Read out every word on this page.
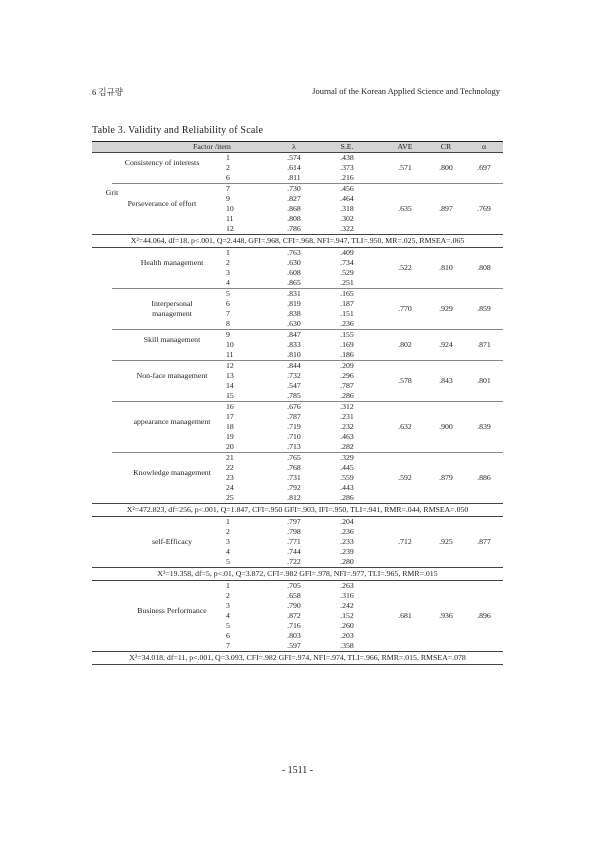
6 김규량	Journal of the Korean Applied Science and Technology
Table 3. Validity and Reliability of Scale
Factor /item	λ	S.E.	AVE	CR	α
Consistency of interests
.571	.800	.697
1	.574	.438
2	.614	.373
6	.811	.216
Perseverance of effort
.635	.897	.769
7	.730	.456
9	.827	.464
10	.868	.318
11	.808	.302
12	.786	.322
Grit
X²=44.064, df=18, p<.001, Q=2.448, GFI=.968, CFI=.968, NFI=.947, TLI=.950, MR=.025, RMSEA=.065
Health management
.522	.810	.808
1	.763	.409
2	.630	.734
3	.608	.529
4	.865	.251
Interpersonal management
.770	.929	.859
5	.831	.165
6	.819	.187
7	.838	.151
8	.630	.236
Skill management
.802	.924	.871
9	.847	.155
10	.833	.169
11	.810	.186
Non-face management
.578	.843	.801
12	.844	.209
13	.732	.296
14	.547	.787
15	.785	.286
appearance management
.632	.900	.839
16	.676	.312
17	.787	.231
18	.719	.232
19	.710	.463
20	.713	.282
Knowledge management
.592	.879	.886
21	.765	.329
22	.768	.445
23	.731	.559
24	.792	.443
25	.812	.286
X²=472.823, df=256, p<.001, Q=1.847, CFI=.950 GFI=.903, IFI=.950, TLI=.941, RMR=.044, RMSEA=.050
self-Efficacy	.712	.925	.877
1	.797	.204
2	.798	.236
3	.771	.233
4	.744	.239
5	.722	.280
X²=19.358, df=5, p<.01, Q=3.872, CFI=.982 GFI=.978, NFI=.977, TLI=.965, RMR=.015
Business Performance
.681	.936	.896
1	.705	.263
2	.658	.316
3	.790	.242
4	.872	.152
5	.716	.260
6	.803	.203
7	.597	.358
X²=34.018, df=11, p<.001, Q=3.093, CFI=.982 GFI=.974, NFI=.974, TLI=.966, RMR=.015, RMSEA=.078
- 1511 -
